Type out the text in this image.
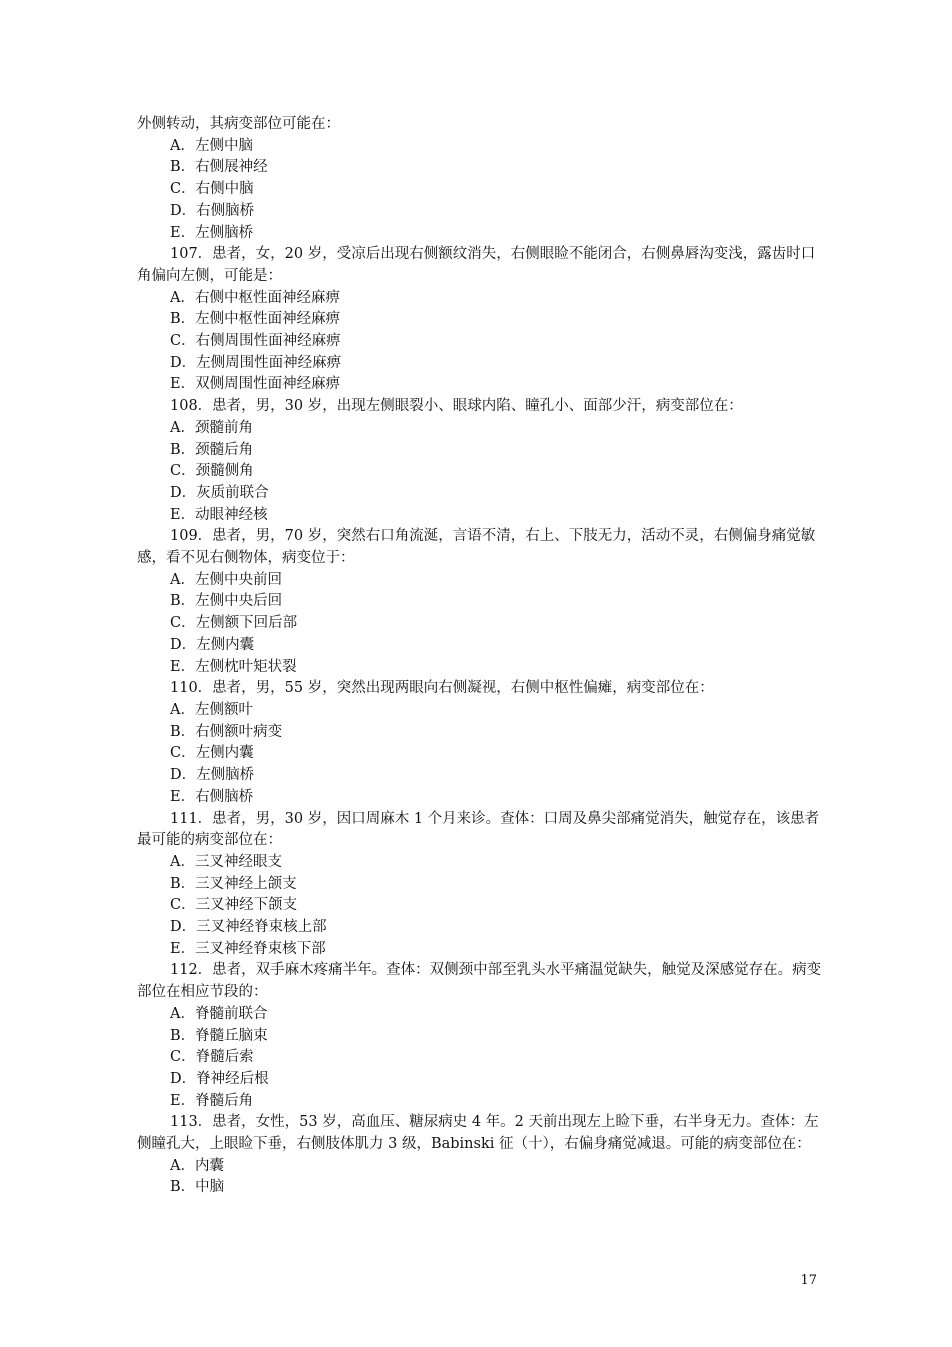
外侧转动，其病变部位可能在：
A．左侧中脑
B．右侧展神经
C．右侧中脑
D．右侧脑桥
E．左侧脑桥
107．患者，女，20 岁，受凉后出现右侧额纹消失，右侧眼睑不能闭合，右侧鼻唇沟变浅，露齿时口角偏向左侧，可能是：
A．右侧中枢性面神经麻痹
B．左侧中枢性面神经麻痹
C．右侧周围性面神经麻痹
D．左侧周围性面神经麻痹
E．双侧周围性面神经麻痹
108．患者，男，30 岁，出现左侧眼裂小、眼球内陷、瞳孔小、面部少汗，病变部位在：
A．颈髓前角
B．颈髓后角
C．颈髓侧角
D．灰质前联合
E．动眼神经核
109．患者，男，70 岁，突然右口角流涎，言语不清，右上、下肢无力，活动不灵，右侧偏身痛觉敏感，看不见右侧物体，病变位于：
A．左侧中央前回
B．左侧中央后回
C．左侧额下回后部
D．左侧内囊
E．左侧枕叶矩状裂
110．患者，男，55 岁，突然出现两眼向右侧凝视，右侧中枢性偏瘫，病变部位在：
A．左侧额叶
B．右侧额叶病变
C．左侧内囊
D．左侧脑桥
E．右侧脑桥
111．患者，男，30 岁，因口周麻木 1 个月来诊。查体：口周及鼻尖部痛觉消失，触觉存在，该患者最可能的病变部位在：
A．三叉神经眼支
B．三叉神经上颌支
C．三叉神经下颌支
D．三叉神经脊束核上部
E．三叉神经脊束核下部
112．患者，双手麻木疼痛半年。查体：双侧颈中部至乳头水平痛温觉缺失，触觉及深感觉存在。病变部位在相应节段的：
A．脊髓前联合
B．脊髓丘脑束
C．脊髓后索
D．脊神经后根
E．脊髓后角
113．患者，女性，53 岁，高血压、糖尿病史 4 年。2 天前出现左上睑下垂，右半身无力。查体：左侧瞳孔大，上眼睑下垂，右侧肢体肌力 3 级，Babinski 征（十），右偏身痛觉减退。可能的病变部位在：
A．内囊
B．中脑
17
